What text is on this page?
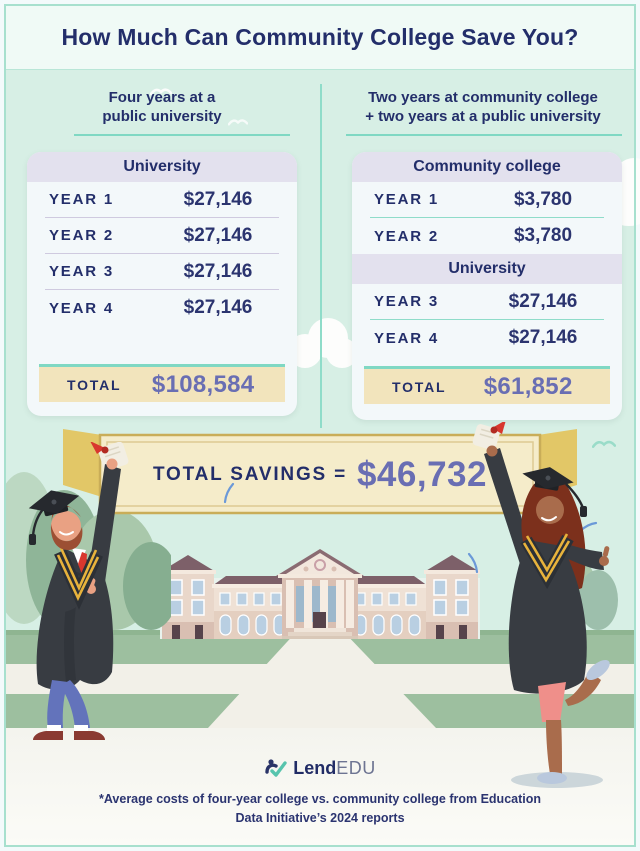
How Much Can Community College Save You?
Four years at a
public university
Two years at community college
+ two years at a public university
University
YEAR 1	$27,146
YEAR 2	$27,146
YEAR 3	$27,146
YEAR 4	$27,146
TOTAL	$108,584
Community college
YEAR 1	$3,780
YEAR 2	$3,780
University
YEAR 3	$27,146
YEAR 4	$27,146
TOTAL	$61,852
TOTAL SAVINGS = $46,732
LendEDU
*Average costs of four-year college vs. community college from Education
Data Initiative’s 2024 reports
